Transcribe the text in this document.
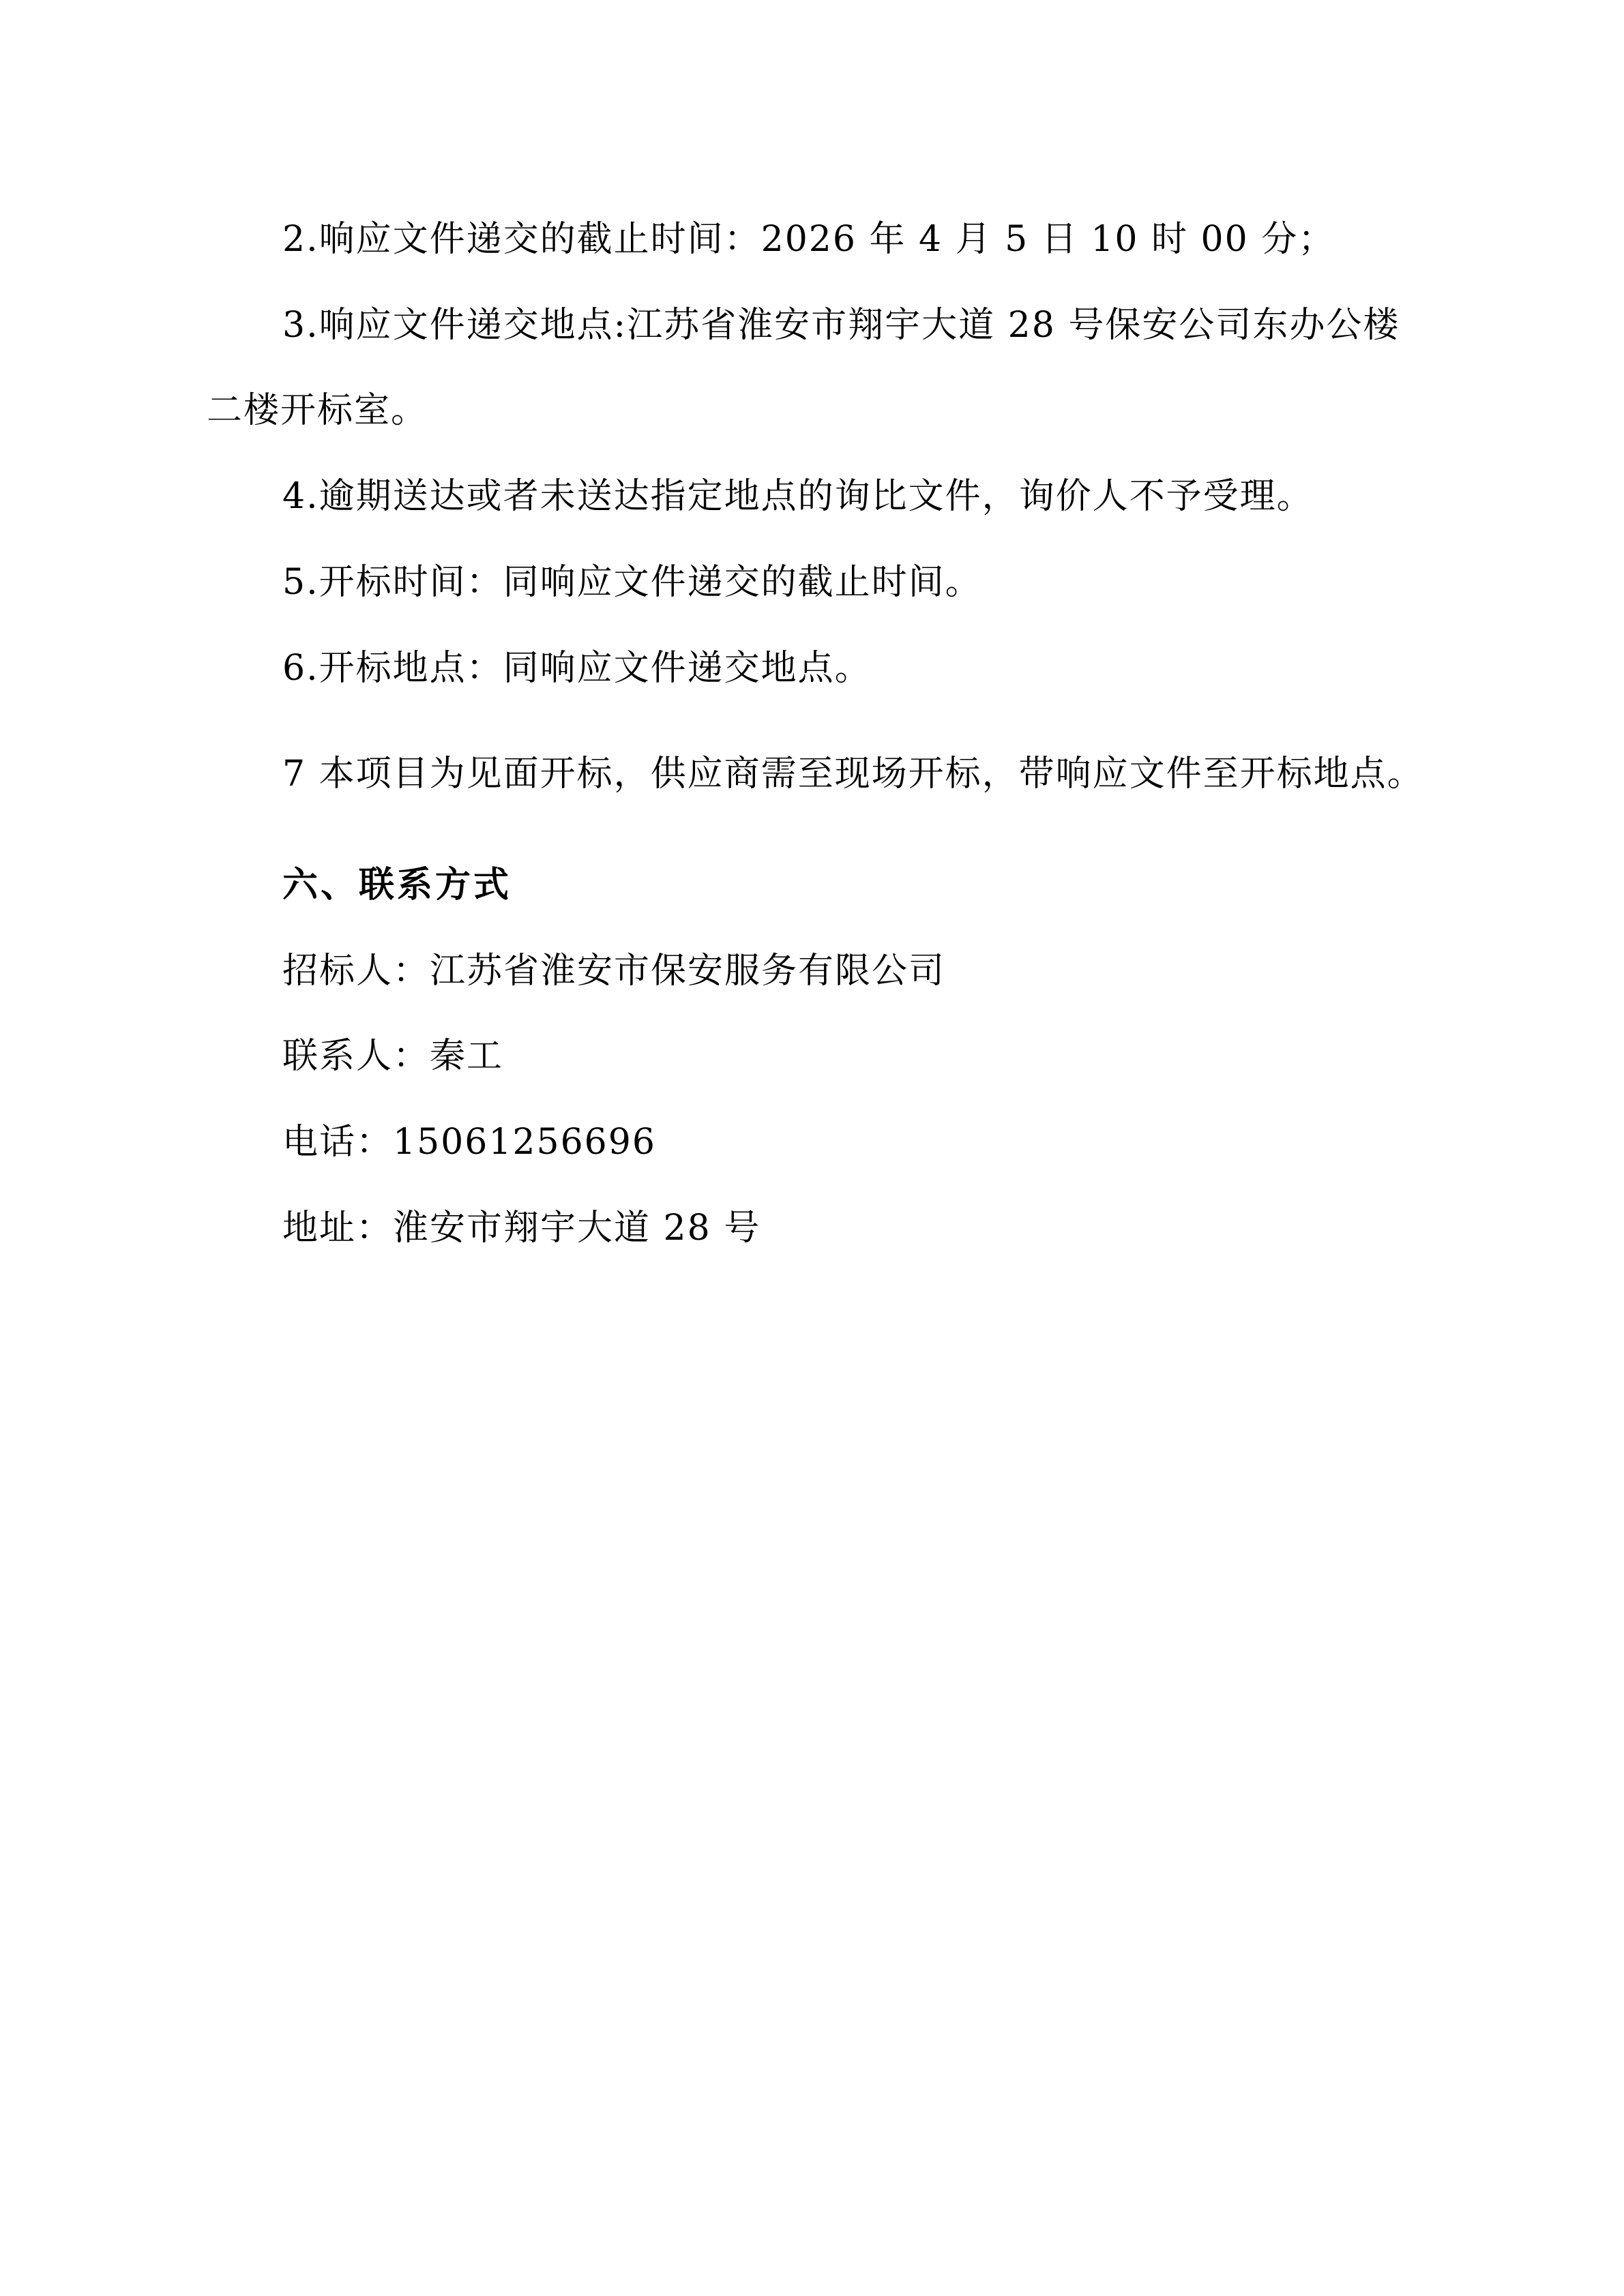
2.响应文件递交的截止时间：2026 年 4 月 5 日 10 时 00 分；
3.响应文件递交地点:江苏省淮安市翔宇大道 28 号保安公司东办公楼
二楼开标室。
4.逾期送达或者未送达指定地点的询比文件，询价人不予受理。
5.开标时间：同响应文件递交的截止时间。
6.开标地点：同响应文件递交地点。
7 本项目为见面开标，供应商需至现场开标，带响应文件至开标地点。
六、联系方式
招标人：江苏省淮安市保安服务有限公司
联系人：秦工
电话：15061256696
地址：淮安市翔宇大道 28 号
